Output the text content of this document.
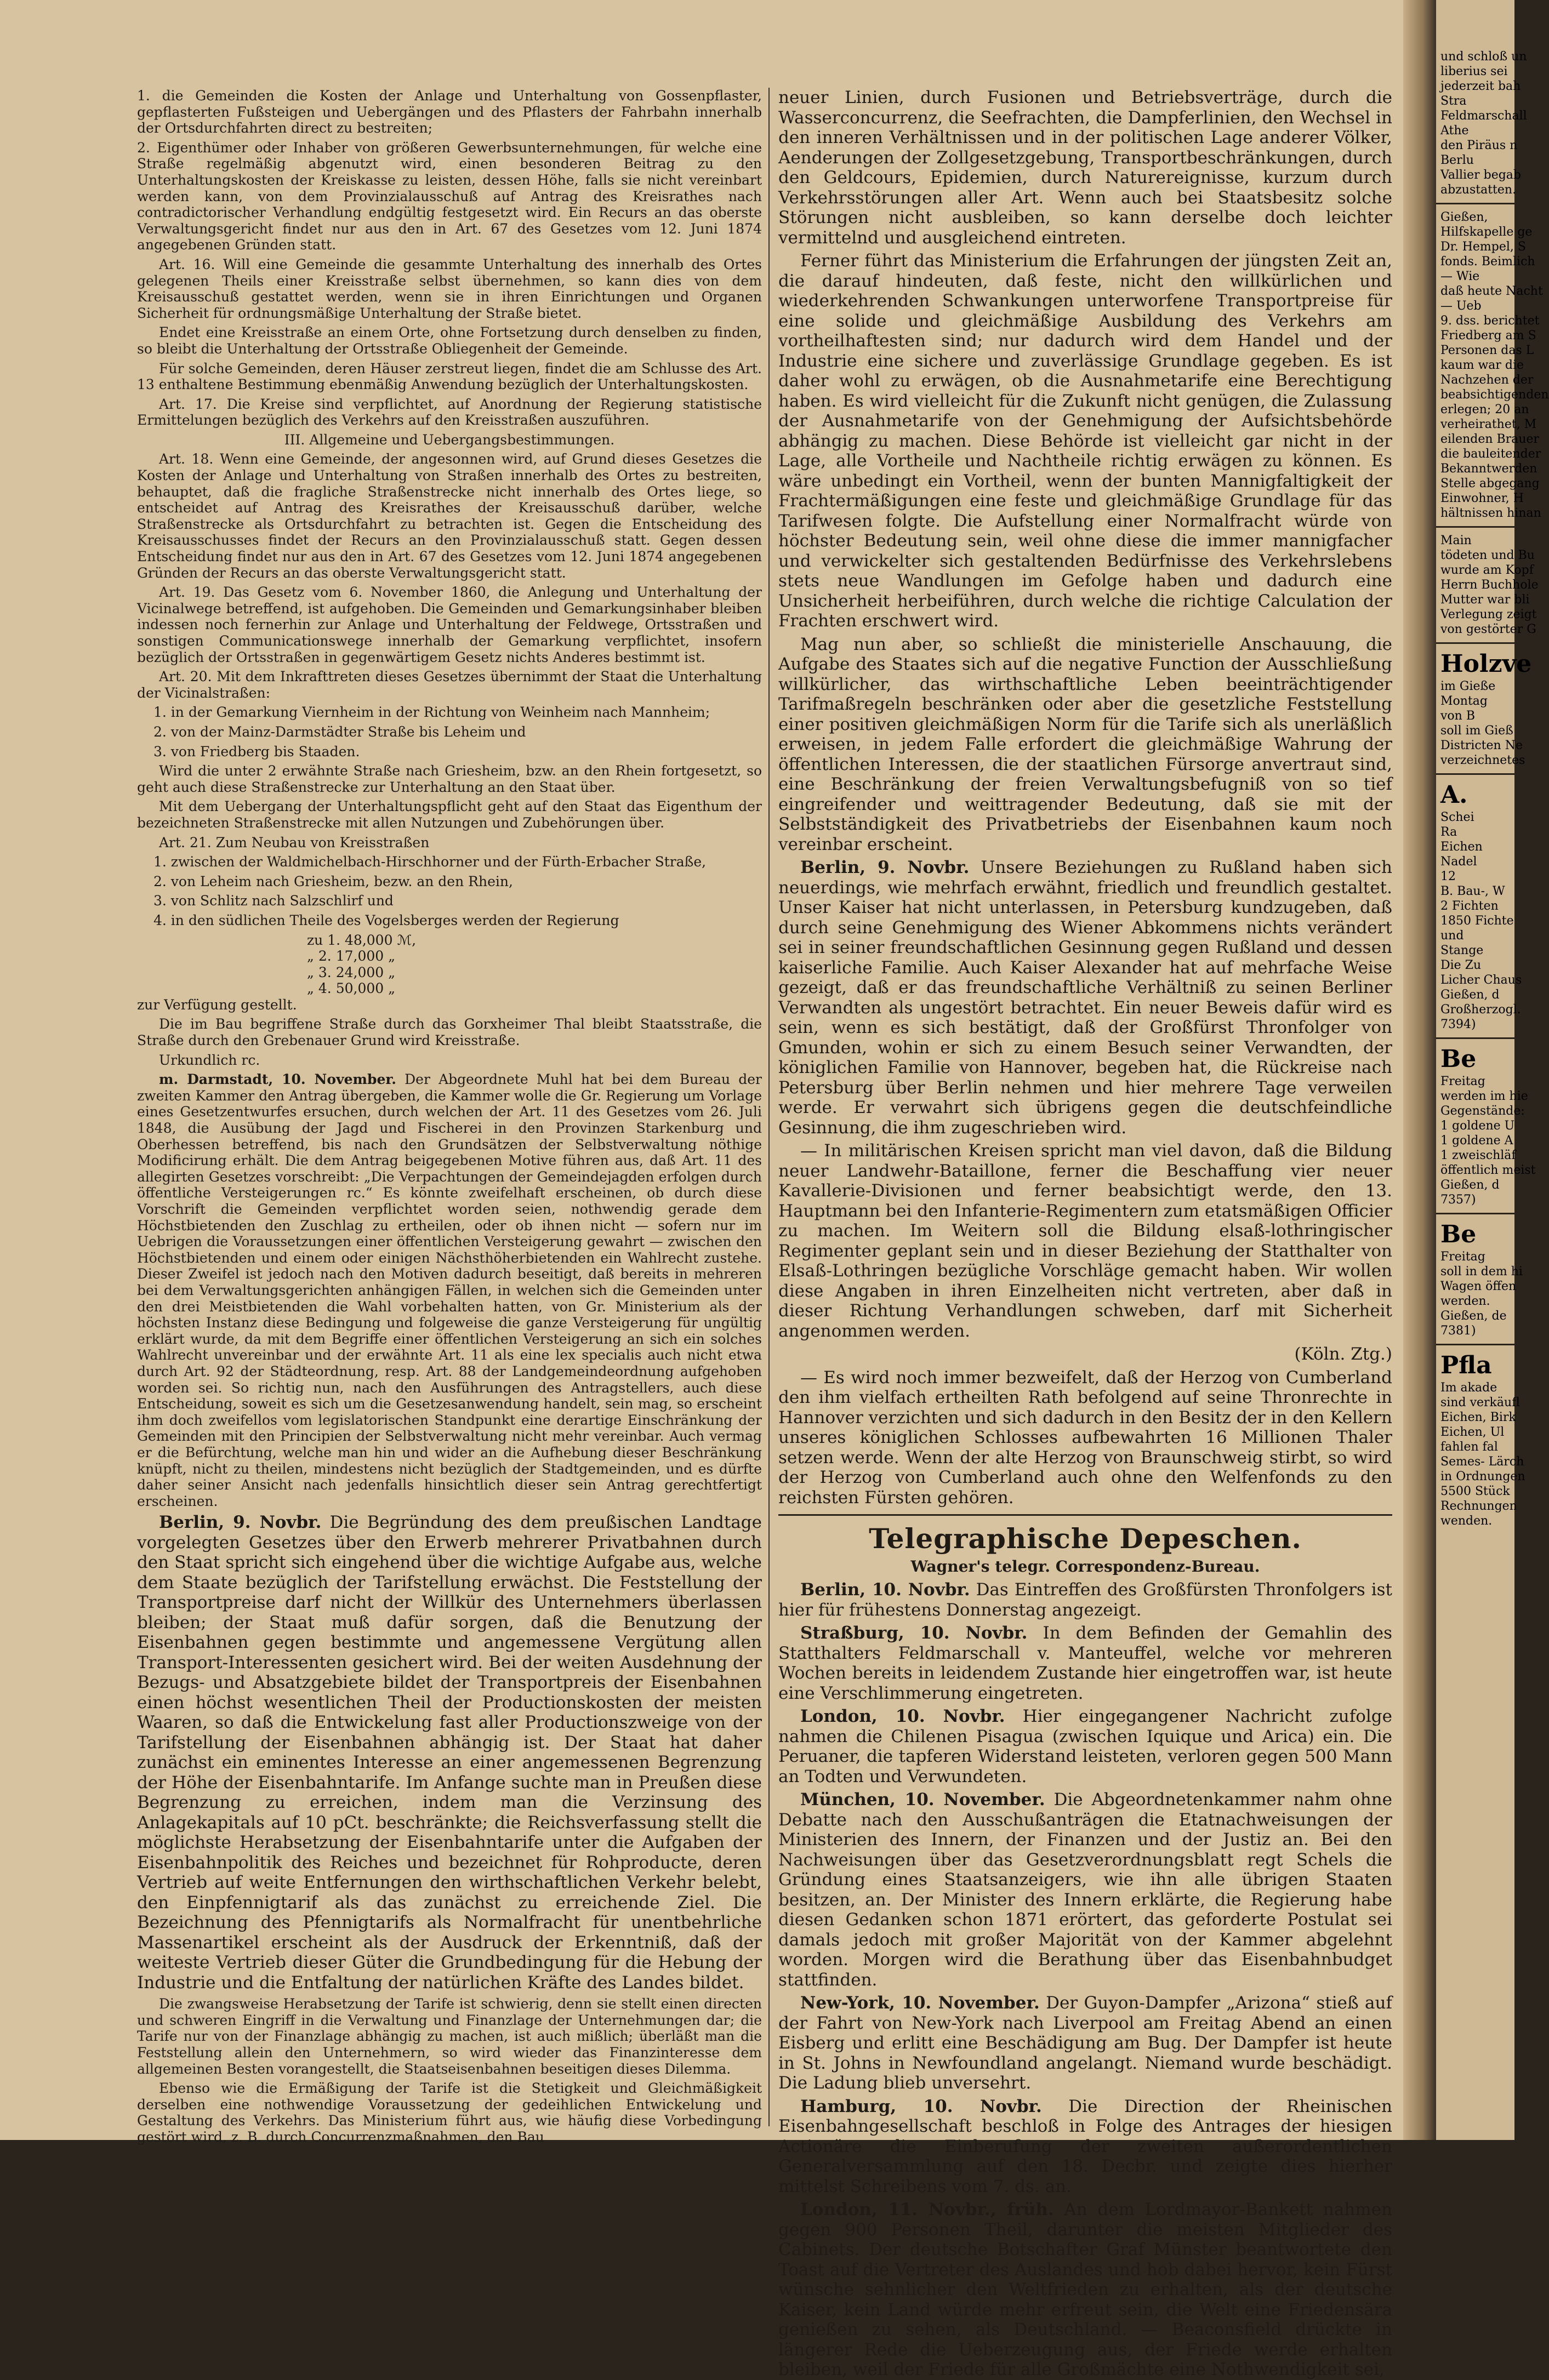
1. die Gemeinden die Kosten der Anlage und Unterhaltung von Gossenpflaster, gepflasterten Fußsteigen und Uebergängen und des Pflasters der Fahrbahn innerhalb der Ortsdurchfahrten direct zu bestreiten;

2. Eigenthümer oder Inhaber von größeren Gewerbsunternehmungen, für welche eine Straße regelmäßig abgenutzt wird, einen besonderen Beitrag zu den Unterhaltungskosten der Kreiskasse zu leisten, dessen Höhe, falls sie nicht vereinbart werden kann, von dem Provinzialausschuß auf Antrag des Kreisrathes nach contradictorischer Verhandlung endgültig festgesetzt wird. Ein Recurs an das oberste Verwaltungsgericht findet nur aus den in Art. 67 des Gesetzes vom 12. Juni 1874 angegebenen Gründen statt.

Art. 16. Will eine Gemeinde die gesammte Unterhaltung des innerhalb des Ortes gelegenen Theils einer Kreisstraße selbst übernehmen, so kann dies von dem Kreisausschuß gestattet werden, wenn sie in ihren Einrichtungen und Organen Sicherheit für ordnungsmäßige Unterhaltung der Straße bietet.

Endet eine Kreisstraße an einem Orte, ohne Fortsetzung durch denselben zu finden, so bleibt die Unterhaltung der Ortsstraße Obliegenheit der Gemeinde.

Für solche Gemeinden, deren Häuser zerstreut liegen, findet die am Schlusse des Art. 13 enthaltene Bestimmung ebenmäßig Anwendung bezüglich der Unterhaltungskosten.

Art. 17. Die Kreise sind verpflichtet, auf Anordnung der Regierung statistische Ermittelungen bezüglich des Verkehrs auf den Kreisstraßen auszuführen.

III. Allgemeine und Uebergangsbestimmungen.

Art. 18. Wenn eine Gemeinde, der angesonnen wird, auf Grund dieses Gesetzes die Kosten der Anlage und Unterhaltung von Straßen innerhalb des Ortes zu bestreiten, behauptet, daß die fragliche Straßenstrecke nicht innerhalb des Ortes liege, so entscheidet auf Antrag des Kreisrathes der Kreisausschuß darüber, welche Straßenstrecke als Ortsdurchfahrt zu betrachten ist. Gegen die Entscheidung des Kreisausschusses findet der Recurs an den Provinzialausschuß statt. Gegen dessen Entscheidung findet nur aus den in Art. 67 des Gesetzes vom 12. Juni 1874 angegebenen Gründen der Recurs an das oberste Verwaltungsgericht statt.

Art. 19. Das Gesetz vom 6. November 1860, die Anlegung und Unterhaltung der Vicinalwege betreffend, ist aufgehoben. Die Gemeinden und Gemarkungsinhaber bleiben indessen noch fernerhin zur Anlage und Unterhaltung der Feldwege, Ortsstraßen und sonstigen Communicationswege innerhalb der Gemarkung verpflichtet, insofern bezüglich der Ortsstraßen in gegenwärtigem Gesetz nichts Anderes bestimmt ist.

Art. 20. Mit dem Inkrafttreten dieses Gesetzes übernimmt der Staat die Unterhaltung der Vicinalstraßen:

1. in der Gemarkung Viernheim in der Richtung von Weinheim nach Mannheim;

2. von der Mainz-Darmstädter Straße bis Leheim und

3. von Friedberg bis Staaden.

Wird die unter 2 erwähnte Straße nach Griesheim, bzw. an den Rhein fortgesetzt, so geht auch diese Straßenstrecke zur Unterhaltung an den Staat über.

Mit dem Uebergang der Unterhaltungspflicht geht auf den Staat das Eigenthum der bezeichneten Straßenstrecke mit allen Nutzungen und Zubehörungen über.

Art. 21. Zum Neubau von Kreisstraßen

1. zwischen der Waldmichelbach-Hirschhorner und der Fürth-Erbacher Straße,

2. von Leheim nach Griesheim, bezw. an den Rhein,

3. von Schlitz nach Salzschlirf und

4. in den südlichen Theile des Vogelsberges werden der Regierung

zu 1. 48,000 ℳ,
„ 2. 17,000 „
„ 3. 24,000 „
„ 4. 50,000 „

zur Verfügung gestellt.

Die im Bau begriffene Straße durch das Gorxheimer Thal bleibt Staatsstraße, die Straße durch den Grebenauer Grund wird Kreisstraße.

Urkundlich rc.

m. Darmstadt, 10. November. Der Abgeordnete Muhl hat bei dem Bureau der zweiten Kammer den Antrag übergeben, die Kammer wolle die Gr. Regierung um Vorlage eines Gesetzentwurfes ersuchen, durch welchen der Art. 11 des Gesetzes vom 26. Juli 1848, die Ausübung der Jagd und Fischerei in den Provinzen Starkenburg und Oberhessen betreffend, bis nach den Grundsätzen der Selbstverwaltung nöthige Modificirung erhält. Die dem Antrag beigegebenen Motive führen aus, daß Art. 11 des allegirten Gesetzes vorschreibt: „Die Verpachtungen der Gemeindejagden erfolgen durch öffentliche Versteigerungen rc.“ Es könnte zweifelhaft erscheinen, ob durch diese Vorschrift die Gemeinden verpflichtet worden seien, nothwendig gerade dem Höchstbietenden den Zuschlag zu ertheilen, oder ob ihnen nicht — sofern nur im Uebrigen die Voraussetzungen einer öffentlichen Versteigerung gewahrt — zwischen den Höchstbietenden und einem oder einigen Nächsthöherbietenden ein Wahlrecht zustehe. Dieser Zweifel ist jedoch nach den Motiven dadurch beseitigt, daß bereits in mehreren bei dem Verwaltungsgerichten anhängigen Fällen, in welchen sich die Gemeinden unter den drei Meistbietenden die Wahl vorbehalten hatten, von Gr. Ministerium als der höchsten Instanz diese Bedingung und folgeweise die ganze Versteigerung für ungültig erklärt wurde, da mit dem Begriffe einer öffentlichen Versteigerung an sich ein solches Wahlrecht unvereinbar und der erwähnte Art. 11 als eine lex specialis auch nicht etwa durch Art. 92 der Städteordnung, resp. Art. 88 der Landgemeindeordnung aufgehoben worden sei. So richtig nun, nach den Ausführungen des Antragstellers, auch diese Entscheidung, soweit es sich um die Gesetzesanwendung handelt, sein mag, so erscheint ihm doch zweifellos vom legislatorischen Standpunkt eine derartige Einschränkung der Gemeinden mit den Principien der Selbstverwaltung nicht mehr vereinbar. Auch vermag er die Befürchtung, welche man hin und wider an die Aufhebung dieser Beschränkung knüpft, nicht zu theilen, mindestens nicht bezüglich der Stadtgemeinden, und es dürfte daher seiner Ansicht nach jedenfalls hinsichtlich dieser sein Antrag gerechtfertigt erscheinen.

Berlin, 9. Novbr. Die Begründung des dem preußischen Landtage vorgelegten Gesetzes über den Erwerb mehrerer Privatbahnen durch den Staat spricht sich eingehend über die wichtige Aufgabe aus, welche dem Staate bezüglich der Tarifstellung erwächst. Die Feststellung der Transportpreise darf nicht der Willkür des Unternehmers überlassen bleiben; der Staat muß dafür sorgen, daß die Benutzung der Eisenbahnen gegen bestimmte und angemessene Vergütung allen Transport-Interessenten gesichert wird. Bei der weiten Ausdehnung der Bezugs- und Absatzgebiete bildet der Transportpreis der Eisenbahnen einen höchst wesentlichen Theil der Productionskosten der meisten Waaren, so daß die Entwickelung fast aller Productionszweige von der Tarifstellung der Eisenbahnen abhängig ist. Der Staat hat daher zunächst ein eminentes Interesse an einer angemessenen Begrenzung der Höhe der Eisenbahntarife. Im Anfange suchte man in Preußen diese Begrenzung zu erreichen, indem man die Verzinsung des Anlagekapitals auf 10 pCt. beschränkte; die Reichsverfassung stellt die möglichste Herabsetzung der Eisenbahntarife unter die Aufgaben der Eisenbahnpolitik des Reiches und bezeichnet für Rohproducte, deren Vertrieb auf weite Entfernungen den wirthschaftlichen Verkehr belebt, den Einpfennigtarif als das zunächst zu erreichende Ziel. Die Bezeichnung des Pfennigtarifs als Normalfracht für unentbehrliche Massenartikel erscheint als der Ausdruck der Erkenntniß, daß der weiteste Vertrieb dieser Güter die Grundbedingung für die Hebung der Industrie und die Entfaltung der natürlichen Kräfte des Landes bildet.

Die zwangsweise Herabsetzung der Tarife ist schwierig, denn sie stellt einen directen und schweren Eingriff in die Verwaltung und Finanzlage der Unternehmungen dar; die Tarife nur von der Finanzlage abhängig zu machen, ist auch mißlich; überläßt man die Feststellung allein den Unternehmern, so wird wieder das Finanzinteresse dem allgemeinen Besten vorangestellt, die Staatseisenbahnen beseitigen dieses Dilemma.

Ebenso wie die Ermäßigung der Tarife ist die Stetigkeit und Gleichmäßigkeit derselben eine nothwendige Voraussetzung der gedeihlichen Entwickelung und Gestaltung des Verkehrs. Das Ministerium führt aus, wie häufig diese Vorbedingung gestört wird, z. B. durch Concurrenzmaßnahmen, den Bau

neuer Linien, durch Fusionen und Betriebsverträge, durch die Wasserconcurrenz, die Seefrachten, die Dampferlinien, den Wechsel in den inneren Verhältnissen und in der politischen Lage anderer Völker, Aenderungen der Zollgesetzgebung, Transportbeschränkungen, durch den Geldcours, Epidemien, durch Naturereignisse, kurzum durch Verkehrsstörungen aller Art. Wenn auch bei Staatsbesitz solche Störungen nicht ausbleiben, so kann derselbe doch leichter vermittelnd und ausgleichend eintreten.

Ferner führt das Ministerium die Erfahrungen der jüngsten Zeit an, die darauf hindeuten, daß feste, nicht den willkürlichen und wiederkehrenden Schwankungen unterworfene Transportpreise für eine solide und gleichmäßige Ausbildung des Verkehrs am vortheilhaftesten sind; nur dadurch wird dem Handel und der Industrie eine sichere und zuverlässige Grundlage gegeben. Es ist daher wohl zu erwägen, ob die Ausnahmetarife eine Berechtigung haben. Es wird vielleicht für die Zukunft nicht genügen, die Zulassung der Ausnahmetarife von der Genehmigung der Aufsichtsbehörde abhängig zu machen. Diese Behörde ist vielleicht gar nicht in der Lage, alle Vortheile und Nachtheile richtig erwägen zu können. Es wäre unbedingt ein Vortheil, wenn der bunten Mannigfaltigkeit der Frachtermäßigungen eine feste und gleichmäßige Grundlage für das Tarifwesen folgte. Die Aufstellung einer Normalfracht würde von höchster Bedeutung sein, weil ohne diese die immer mannigfacher und verwickelter sich gestaltenden Bedürfnisse des Verkehrslebens stets neue Wandlungen im Gefolge haben und dadurch eine Unsicherheit herbeiführen, durch welche die richtige Calculation der Frachten erschwert wird.

Mag nun aber, so schließt die ministerielle Anschauung, die Aufgabe des Staates sich auf die negative Function der Ausschließung willkürlicher, das wirthschaftliche Leben beeinträchtigender Tarifmaßregeln beschränken oder aber die gesetzliche Feststellung einer positiven gleichmäßigen Norm für die Tarife sich als unerläßlich erweisen, in jedem Falle erfordert die gleichmäßige Wahrung der öffentlichen Interessen, die der staatlichen Fürsorge anvertraut sind, eine Beschränkung der freien Verwaltungsbefugniß von so tief eingreifender und weittragender Bedeutung, daß sie mit der Selbstständigkeit des Privatbetriebs der Eisenbahnen kaum noch vereinbar erscheint.

Berlin, 9. Novbr. Unsere Beziehungen zu Rußland haben sich neuerdings, wie mehrfach erwähnt, friedlich und freundlich gestaltet. Unser Kaiser hat nicht unterlassen, in Petersburg kundzugeben, daß durch seine Genehmigung des Wiener Abkommens nichts verändert sei in seiner freundschaftlichen Gesinnung gegen Rußland und dessen kaiserliche Familie. Auch Kaiser Alexander hat auf mehrfache Weise gezeigt, daß er das freundschaftliche Verhältniß zu seinen Berliner Verwandten als ungestört betrachtet. Ein neuer Beweis dafür wird es sein, wenn es sich bestätigt, daß der Großfürst Thronfolger von Gmunden, wohin er sich zu einem Besuch seiner Verwandten, der königlichen Familie von Hannover, begeben hat, die Rückreise nach Petersburg über Berlin nehmen und hier mehrere Tage verweilen werde. Er verwahrt sich übrigens gegen die deutschfeindliche Gesinnung, die ihm zugeschrieben wird.

— In militärischen Kreisen spricht man viel davon, daß die Bildung neuer Landwehr-Bataillone, ferner die Beschaffung vier neuer Kavallerie-Divisionen und ferner beabsichtigt werde, den 13. Hauptmann bei den Infanterie-Regimentern zum etatsmäßigen Officier zu machen. Im Weitern soll die Bildung elsaß-lothringischer Regimenter geplant sein und in dieser Beziehung der Statthalter von Elsaß-Lothringen bezügliche Vorschläge gemacht haben. Wir wollen diese Angaben in ihren Einzelheiten nicht vertreten, aber daß in dieser Richtung Verhandlungen schweben, darf mit Sicherheit angenommen werden.

(Köln. Ztg.)

— Es wird noch immer bezweifelt, daß der Herzog von Cumberland den ihm vielfach ertheilten Rath befolgend auf seine Thronrechte in Hannover verzichten und sich dadurch in den Besitz der in den Kellern unseres königlichen Schlosses aufbewahrten 16 Millionen Thaler setzen werde. Wenn der alte Herzog von Braunschweig stirbt, so wird der Herzog von Cumberland auch ohne den Welfenfonds zu den reichsten Fürsten gehören.

Telegraphische Depeschen.
Wagner's telegr. Correspondenz-Bureau.

Berlin, 10. Novbr. Das Eintreffen des Großfürsten Thronfolgers ist hier für frühestens Donnerstag angezeigt.

Straßburg, 10. Novbr. In dem Befinden der Gemahlin des Statthalters Feldmarschall v. Manteuffel, welche vor mehreren Wochen bereits in leidendem Zustande hier eingetroffen war, ist heute eine Verschlimmerung eingetreten.

London, 10. Novbr. Hier eingegangener Nachricht zufolge nahmen die Chilenen Pisagua (zwischen Iquique und Arica) ein. Die Peruaner, die tapferen Widerstand leisteten, verloren gegen 500 Mann an Todten und Verwundeten.

München, 10. November. Die Abgeordnetenkammer nahm ohne Debatte nach den Ausschußanträgen die Etatnachweisungen der Ministerien des Innern, der Finanzen und der Justiz an. Bei den Nachweisungen über das Gesetzverordnungsblatt regt Schels die Gründung eines Staatsanzeigers, wie ihn alle übrigen Staaten besitzen, an. Der Minister des Innern erklärte, die Regierung habe diesen Gedanken schon 1871 erörtert, das geforderte Postulat sei damals jedoch mit großer Majorität von der Kammer abgelehnt worden. Morgen wird die Berathung über das Eisenbahnbudget stattfinden.

New-York, 10. November. Der Guyon-Dampfer „Arizona“ stieß auf der Fahrt von New-York nach Liverpool am Freitag Abend an einen Eisberg und erlitt eine Beschädigung am Bug. Der Dampfer ist heute in St. Johns in Newfoundland angelangt. Niemand wurde beschädigt. Die Ladung blieb unversehrt.

Hamburg, 10. Novbr. Die Direction der Rheinischen Eisenbahngesellschaft beschloß in Folge des Antrages der hiesigen Actionäre die Einberufung der zweiten außerordentlichen Generalversammlung auf den 18. Decbr. und zeigte dies hierher mittelst Schreibens vom 7. ds. an.

London, 11. Novbr., früh. An dem Lordmayor-Bankett nahmen gegen 900 Personen Theil, darunter die meisten Mitglieder des Cabinets. Der deutsche Botschafter Graf Münster beantwortete den Toast auf die Vertreter des Auslandes und hob dabei hervor, kein Fürst wünsche sehnlicher den Weltfrieden zu erhalten, als der deutsche Kaiser, kein Land würde mehr erfreut sein, die Welt eine Friedensära genießen zu sehen, als Deutschland. — Beaconsfield drückte in längerer Rede die Ueberzeugung aus, der Friede werde erhalten bleiben, weil der Friede für alle Großmächte eine Nothwendigkeit sei,

und schloß un
liberius sei
jederzeit bah
Stra
Feldmarschall
Athe
den Piräus n
Berlu
Vallier begab
abzustatten.
Gießen,
Hilfskapelle ge
Dr. Hempel, S
fonds. Beimlich
— Wie
daß heute Nacht
— Ueb
9. dss. berichtet
Friedberg am S
Personen das L
kaum war die
Nachzehen der
beabsichtigenden
erlegen; 20 an
verheirathet, M
eilenden Brauer
die bauleitender
Bekanntwerden
Stelle abgegang
Einwohner, H
hältnissen hinan
Main
tödeten und Bu
wurde am Kopf
Herrn Buchhole
Mutter war bli
Verlegung zeigt
von gestörter G
Holzve
im Gieße
Montag
von B
soll im Gieß
Districten Ne
verzeichnetes
A.
Schei
Ra
Eichen
Nadel
12
B. Bau-, W
2 Fichten
1850 Fichte
und
Stange
Die Zu
Licher Chaus
Gießen, d
Großherzogl.
7394)
Be
Freitag
werden im hie
Gegenstände:
1 goldene U
1 goldene A
1 zweischläf
öffentlich meist
Gießen, d
7357)
Be
Freitag
soll in dem hi
Wagen öffen
werden.
Gießen, de
7381)
Pfla
Im akade
sind verkäufl
Eichen, Birk
Eichen, Ul
fahlen fal
Semes- Lärch
in Ordnungen
5500 Stück
Rechnungen
wenden.
